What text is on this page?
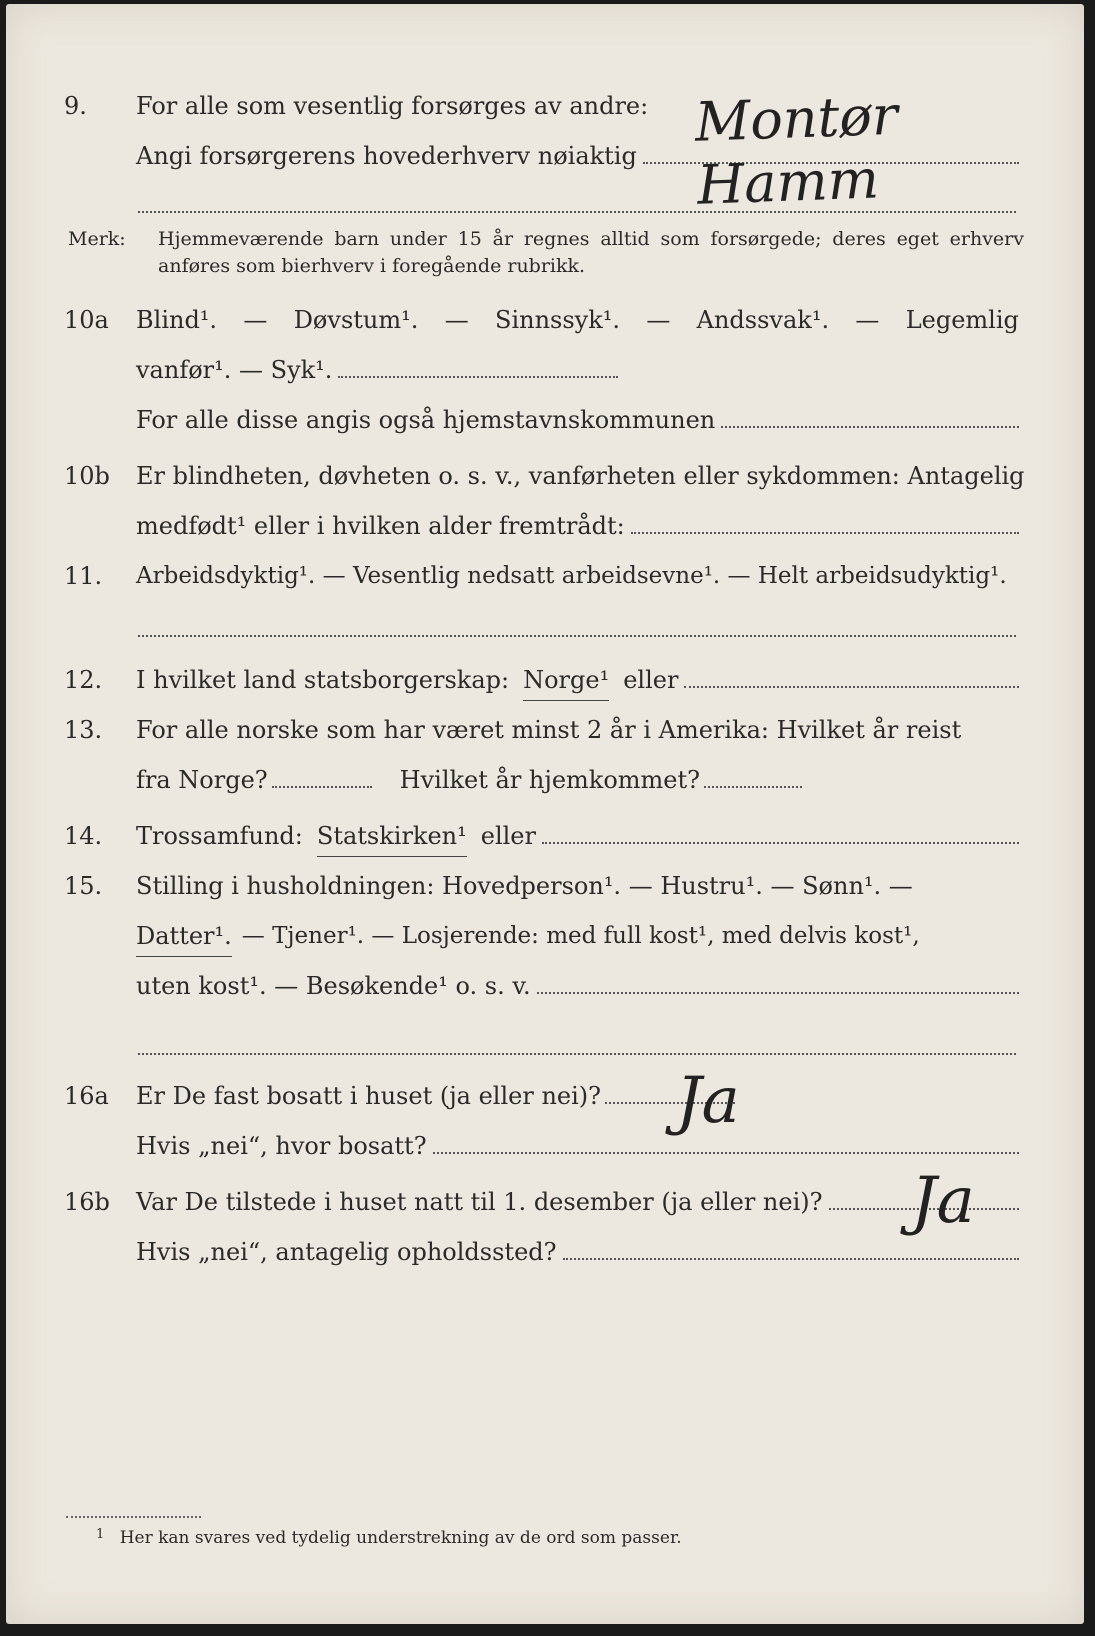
9.	For alle som vesentlig forsørges av andre:
Angi forsørgerens hovederhverv nøiaktig
Montør Hamm
Merk: Hjemmeværende barn under 15 år regnes alltid som forsørgede; deres eget erhverv anføres som bierhverv i foregående rubrikk.
10a	Blind¹. — Døvstum¹. — Sinnssyk¹. — Andssvak¹. — Legemlig
vanfør¹. — Syk¹.
For alle disse angis også hjemstavnskommunen
10b	Er blindheten, døvheten o. s. v., vanførheten eller sykdommen: Antagelig
medfødt¹ eller i hvilken alder fremtrådt:
11.	Arbeidsdyktig¹. — Vesentlig nedsatt arbeidsevne¹. — Helt arbeidsudyktig¹.
12.	I hvilket land statsborgerskap: Norge¹ eller
13.	For alle norske som har været minst 2 år i Amerika: Hvilket år reist
fra Norge?	Hvilket år hjemkommet?
14.	Trossamfund: Statskirken¹ eller
15.	Stilling i husholdningen: Hovedperson¹. — Hustru¹. — Sønn¹. —
Datter¹. — Tjener¹. — Losjerende: med full kost¹, med delvis kost¹,
uten kost¹. — Besøkende¹ o. s. v.
16a	Er De fast bosatt i huset (ja eller nei)?
Hvis „nei“, hvor bosatt?
Ja
16b	Var De tilstede i huset natt til 1. desember (ja eller nei)?
Hvis „nei“, antagelig opholdssted?
Ja
$^1$ Her kan svares ved tydelig understrekning av de ord som passer.
